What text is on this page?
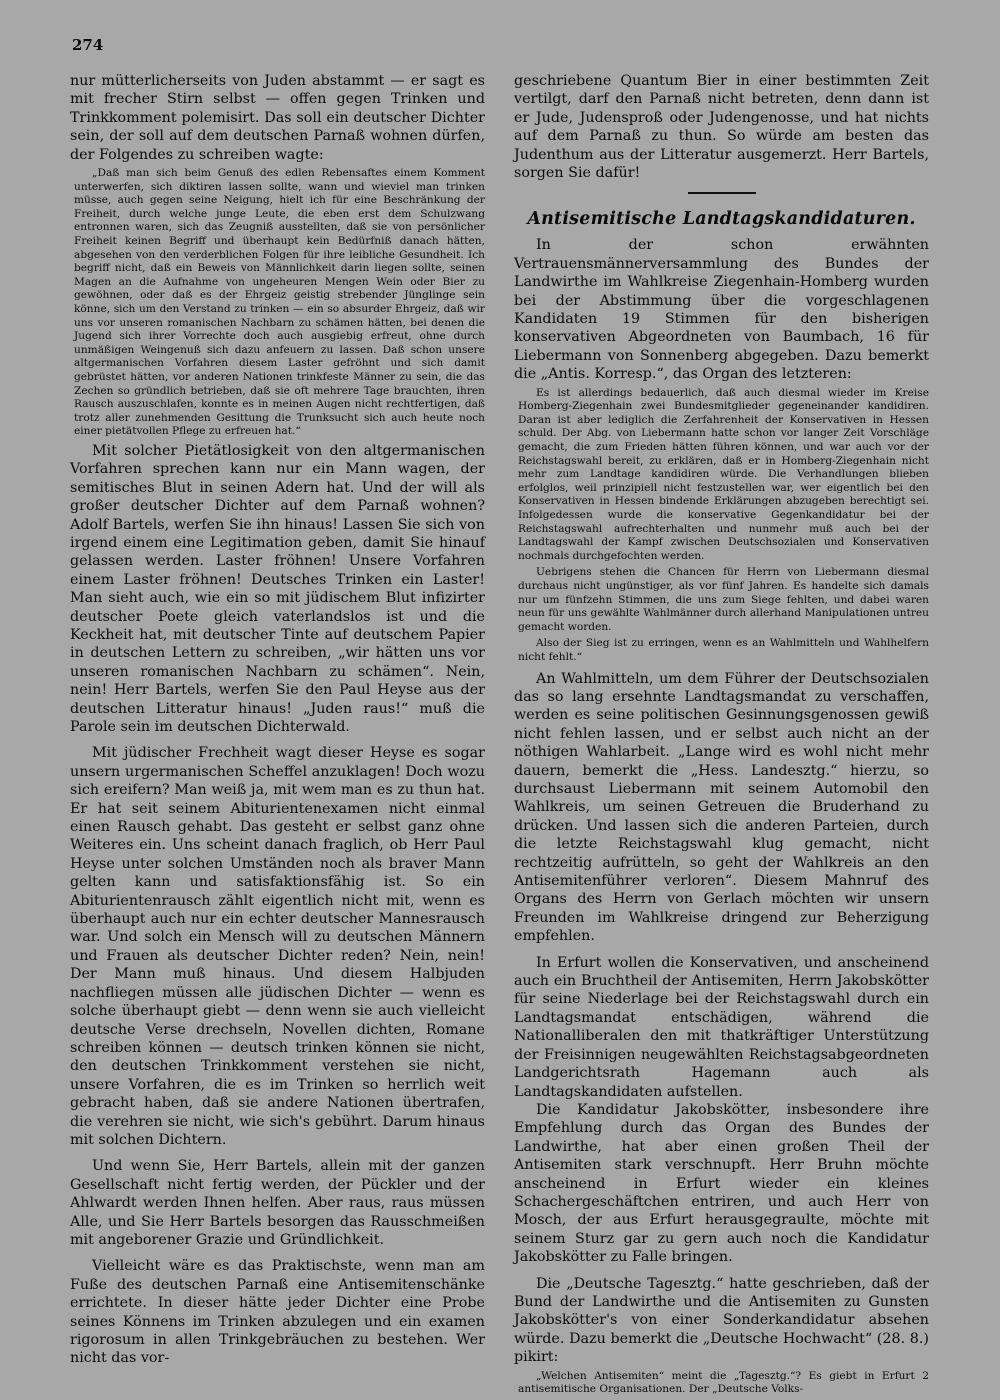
274

nur mütterlicherseits von Juden abstammt — er sagt es mit frecher Stirn selbst — offen gegen Trinken und Trinkkomment polemisirt. Das soll ein deutscher Dichter sein, der soll auf dem deutschen Parnaß wohnen dürfen, der Folgendes zu schreiben wagte:

„Daß man sich beim Genuß des edlen Rebensaftes einem Komment unterwerfen, sich diktiren lassen sollte, wann und wieviel man trinken müsse, auch gegen seine Neigung, hielt ich für eine Beschränkung der Freiheit, durch welche junge Leute, die eben erst dem Schulzwang entronnen waren, sich das Zeugniß ausstellten, daß sie von persönlicher Freiheit keinen Begriff und überhaupt kein Bedürfniß danach hätten, abgesehen von den verderblichen Folgen für ihre leibliche Gesundheit. Ich begriff nicht, daß ein Beweis von Männlichkeit darin liegen sollte, seinen Magen an die Aufnahme von ungeheuren Mengen Wein oder Bier zu gewöhnen, oder daß es der Ehrgeiz geistig strebender Jünglinge sein könne, sich um den Verstand zu trinken — ein so absurder Ehrgeiz, daß wir uns vor unseren romanischen Nachbarn zu schämen hätten, bei denen die Jugend sich ihrer Vorrechte doch auch ausgiebig erfreut, ohne durch unmäßigen Weingenuß sich dazu anfeuern zu lassen. Daß schon unsere altgermanischen Vorfahren diesem Laster gefröhnt und sich damit gebrüstet hätten, vor anderen Nationen trinkfeste Männer zu sein, die das Zechen so gründlich betrieben, daß sie oft mehrere Tage brauchten, ihren Rausch auszuschlafen, konnte es in meinen Augen nicht rechtfertigen, daß trotz aller zunehmenden Gesittung die Trunksucht sich auch heute noch einer pietätvollen Pflege zu erfreuen hat.“

Mit solcher Pietätlosigkeit von den altgermanischen Vorfahren sprechen kann nur ein Mann wagen, der semitisches Blut in seinen Adern hat. Und der will als großer deutscher Dichter auf dem Parnaß wohnen? Adolf Bartels, werfen Sie ihn hinaus! Lassen Sie sich von irgend einem eine Legitimation geben, damit Sie hinauf gelassen werden. Laster fröhnen! Unsere Vorfahren einem Laster fröhnen! Deutsches Trinken ein Laster! Man sieht auch, wie ein so mit jüdischem Blut infizirter deutscher Poete gleich vaterlandslos ist und die Keckheit hat, mit deutscher Tinte auf deutschem Papier in deutschen Lettern zu schreiben, „wir hätten uns vor unseren romanischen Nachbarn zu schämen“. Nein, nein! Herr Bartels, werfen Sie den Paul Heyse aus der deutschen Litteratur hinaus! „Juden raus!“ muß die Parole sein im deutschen Dichterwald.

Mit jüdischer Frechheit wagt dieser Heyse es sogar unsern urgermanischen Scheffel anzuklagen! Doch wozu sich ereifern? Man weiß ja, mit wem man es zu thun hat. Er hat seit seinem Abiturientenexamen nicht einmal einen Rausch gehabt. Das gesteht er selbst ganz ohne Weiteres ein. Uns scheint danach fraglich, ob Herr Paul Heyse unter solchen Umständen noch als braver Mann gelten kann und satisfaktionsfähig ist. So ein Abiturientenrausch zählt eigentlich nicht mit, wenn es überhaupt auch nur ein echter deutscher Mannesrausch war. Und solch ein Mensch will zu deutschen Männern und Frauen als deutscher Dichter reden? Nein, nein! Der Mann muß hinaus. Und diesem Halbjuden nachfliegen müssen alle jüdischen Dichter — wenn es solche überhaupt giebt — denn wenn sie auch vielleicht deutsche Verse drechseln, Novellen dichten, Romane schreiben können — deutsch trinken können sie nicht, den deutschen Trinkkomment verstehen sie nicht, unsere Vorfahren, die es im Trinken so herrlich weit gebracht haben, daß sie andere Nationen übertrafen, die verehren sie nicht, wie sich's gebührt. Darum hinaus mit solchen Dichtern.

Und wenn Sie, Herr Bartels, allein mit der ganzen Gesellschaft nicht fertig werden, der Pückler und der Ahlwardt werden Ihnen helfen. Aber raus, raus müssen Alle, und Sie Herr Bartels besorgen das Rausschmeißen mit angeborener Grazie und Gründlichkeit.

Vielleicht wäre es das Praktischste, wenn man am Fuße des deutschen Parnaß eine Antisemitenschänke errichtete. In dieser hätte jeder Dichter eine Probe seines Könnens im Trinken abzulegen und ein examen rigorosum in allen Trinkgebräuchen zu bestehen. Wer nicht das vor-

geschriebene Quantum Bier in einer bestimmten Zeit vertilgt, darf den Parnaß nicht betreten, denn dann ist er Jude, Judensproß oder Judengenosse, und hat nichts auf dem Parnaß zu thun. So würde am besten das Judenthum aus der Litteratur ausgemerzt. Herr Bartels, sorgen Sie dafür!

Antisemitische Landtagskandidaturen.

In der schon erwähnten Vertrauensmännerversammlung des Bundes der Landwirthe im Wahlkreise Ziegenhain-Homberg wurden bei der Abstimmung über die vorgeschlagenen Kandidaten 19 Stimmen für den bisherigen konservativen Abgeordneten von Baumbach, 16 für Liebermann von Sonnenberg abgegeben. Dazu bemerkt die „Antis. Korresp.“, das Organ des letzteren:

Es ist allerdings bedauerlich, daß auch diesmal wieder im Kreise Homberg-Ziegenhain zwei Bundesmitglieder gegeneinander kandidiren. Daran ist aber lediglich die Zerfahrenheit der Konservativen in Hessen schuld. Der Abg. von Liebermann hatte schon vor langer Zeit Vorschläge gemacht, die zum Frieden hätten führen können, und war auch vor der Reichstagswahl bereit, zu erklären, daß er in Homberg-Ziegenhain nicht mehr zum Landtage kandidiren würde. Die Verhandlungen blieben erfolglos, weil prinzipiell nicht festzustellen war, wer eigentlich bei den Konservativen in Hessen bindende Erklärungen abzugeben berechtigt sei. Infolgedessen wurde die konservative Gegenkandidatur bei der Reichstagswahl aufrechterhalten und nunmehr muß auch bei der Landtagswahl der Kampf zwischen Deutschsozialen und Konservativen nochmals durchgefochten werden.

Uebrigens stehen die Chancen für Herrn von Liebermann diesmal durchaus nicht ungünstiger, als vor fünf Jahren. Es handelte sich damals nur um fünfzehn Stimmen, die uns zum Siege fehlten, und dabei waren neun für uns gewählte Wahlmänner durch allerhand Manipulationen untreu gemacht worden.

Also der Sieg ist zu erringen, wenn es an Wahlmitteln und Wahlhelfern nicht fehlt.“

An Wahlmitteln, um dem Führer der Deutschsozialen das so lang ersehnte Landtagsmandat zu verschaffen, werden es seine politischen Gesinnungsgenossen gewiß nicht fehlen lassen, und er selbst auch nicht an der nöthigen Wahlarbeit. „Lange wird es wohl nicht mehr dauern, bemerkt die „Hess. Landesztg.“ hierzu, so durchsaust Liebermann mit seinem Automobil den Wahlkreis, um seinen Getreuen die Bruderhand zu drücken. Und lassen sich die anderen Parteien, durch die letzte Reichstagswahl klug gemacht, nicht rechtzeitig aufrütteln, so geht der Wahlkreis an den Antisemitenführer verloren“. Diesem Mahnruf des Organs des Herrn von Gerlach möchten wir unsern Freunden im Wahlkreise dringend zur Beherzigung empfehlen.

In Erfurt wollen die Konservativen, und anscheinend auch ein Bruchtheil der Antisemiten, Herrn Jakobskötter für seine Niederlage bei der Reichstagswahl durch ein Landtagsmandat entschädigen, während die Nationalliberalen den mit thatkräftiger Unterstützung der Freisinnigen neugewählten Reichstagsabgeordneten Landgerichtsrath Hagemann auch als Landtagskandidaten aufstellen.

Die Kandidatur Jakobskötter, insbesondere ihre Empfehlung durch das Organ des Bundes der Landwirthe, hat aber einen großen Theil der Antisemiten stark verschnupft. Herr Bruhn möchte anscheinend in Erfurt wieder ein kleines Schachergeschäftchen entriren, und auch Herr von Mosch, der aus Erfurt herausgegraulte, möchte mit seinem Sturz gar zu gern auch noch die Kandidatur Jakobskötter zu Falle bringen.

Die „Deutsche Tagesztg.“ hatte geschrieben, daß der Bund der Landwirthe und die Antisemiten zu Gunsten Jakobskötter's von einer Sonderkandidatur absehen würde. Dazu bemerkt die „Deutsche Hochwacht“ (28. 8.) pikirt:

„Welchen Antisemiten“ meint die „Tagesztg.“? Es giebt in Erfurt 2 antisemitische Organisationen. Der „Deutsche Volks-
